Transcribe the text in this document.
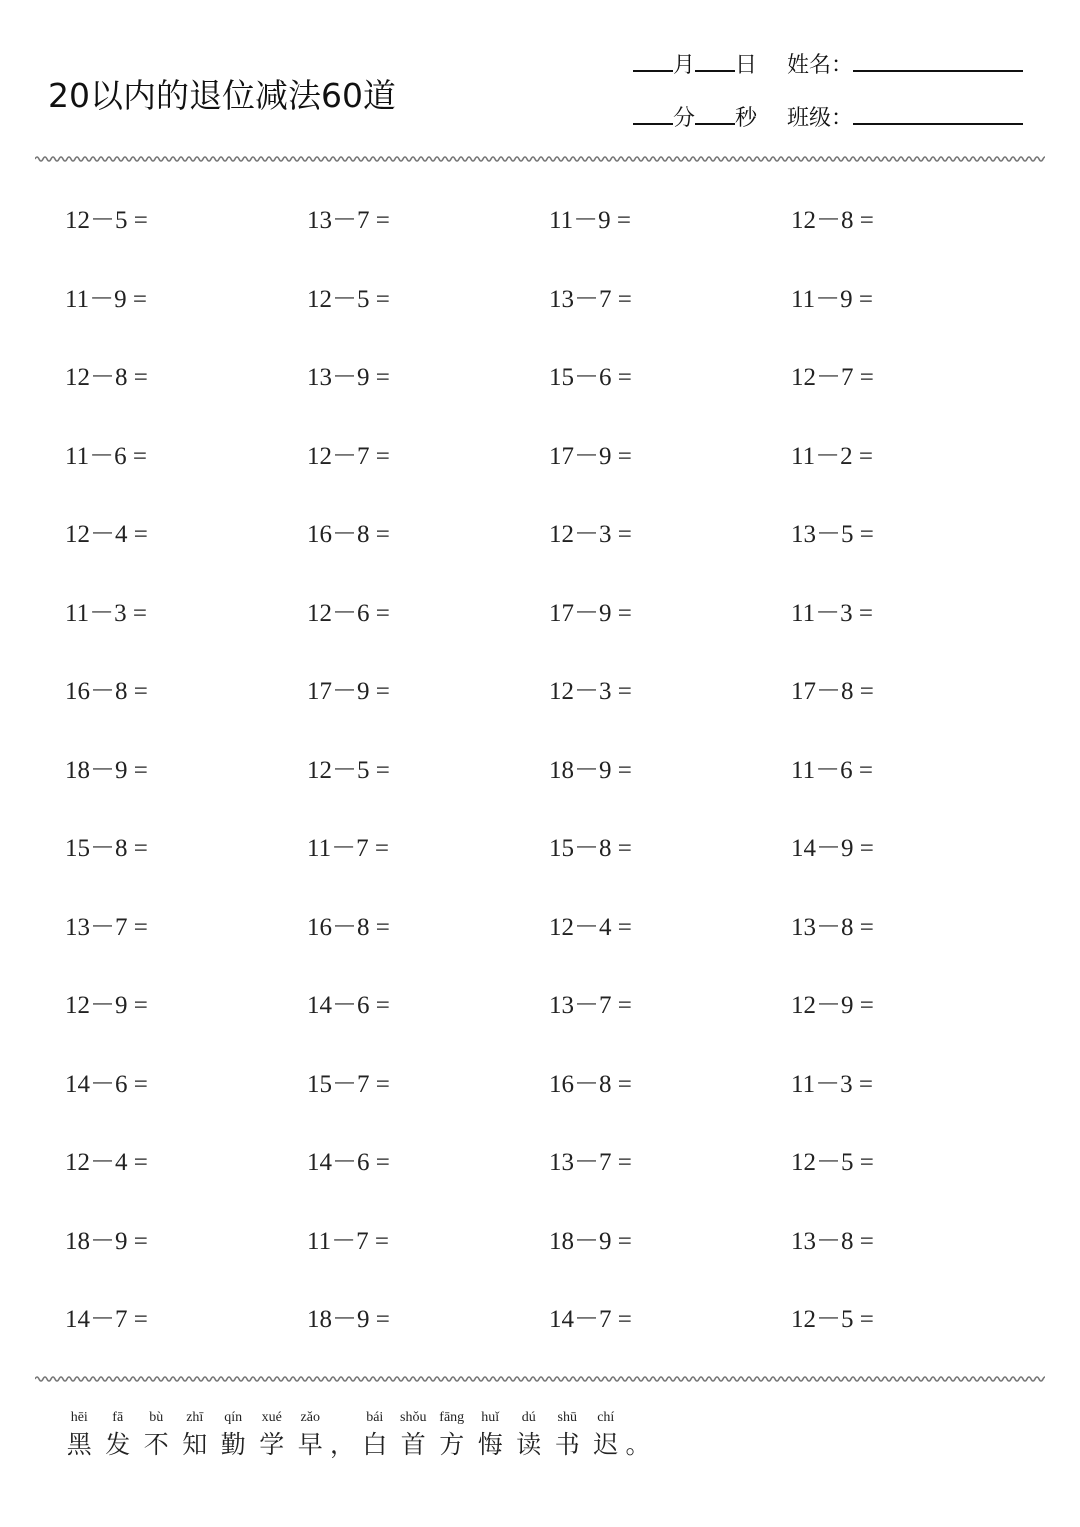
20以内的退位减法60道
月 日 姓名：
分 秒 班级：
12－5 =	13－7 =	11－9 =	12－8 =
11－9 =	12－5 =	13－7 =	11－9 =
12－8 =	13－9 =	15－6 =	12－7 =
11－6 =	12－7 =	17－9 =	11－2 =
12－4 =	16－8 =	12－3 =	13－5 =
11－3 =	12－6 =	17－9 =	11－3 =
16－8 =	17－9 =	12－3 =	17－8 =
18－9 =	12－5 =	18－9 =	11－6 =
15－8 =	11－7 =	15－8 =	14－9 =
13－7 =	16－8 =	12－4 =	13－8 =
12－9 =	14－6 =	13－7 =	12－9 =
14－6 =	15－7 =	16－8 =	11－3 =
12－4 =	14－6 =	13－7 =	12－5 =
18－9 =	11－7 =	18－9 =	13－8 =
14－7 =	18－9 =	14－7 =	12－5 =
hēi
黑
fā
发
bù
不
zhī
知
qín
勤
xué
学
zǎo
早 ，
bái
白
shǒu
首
fāng
方
huǐ
悔
dú
读
shū
书
chí
迟 。
